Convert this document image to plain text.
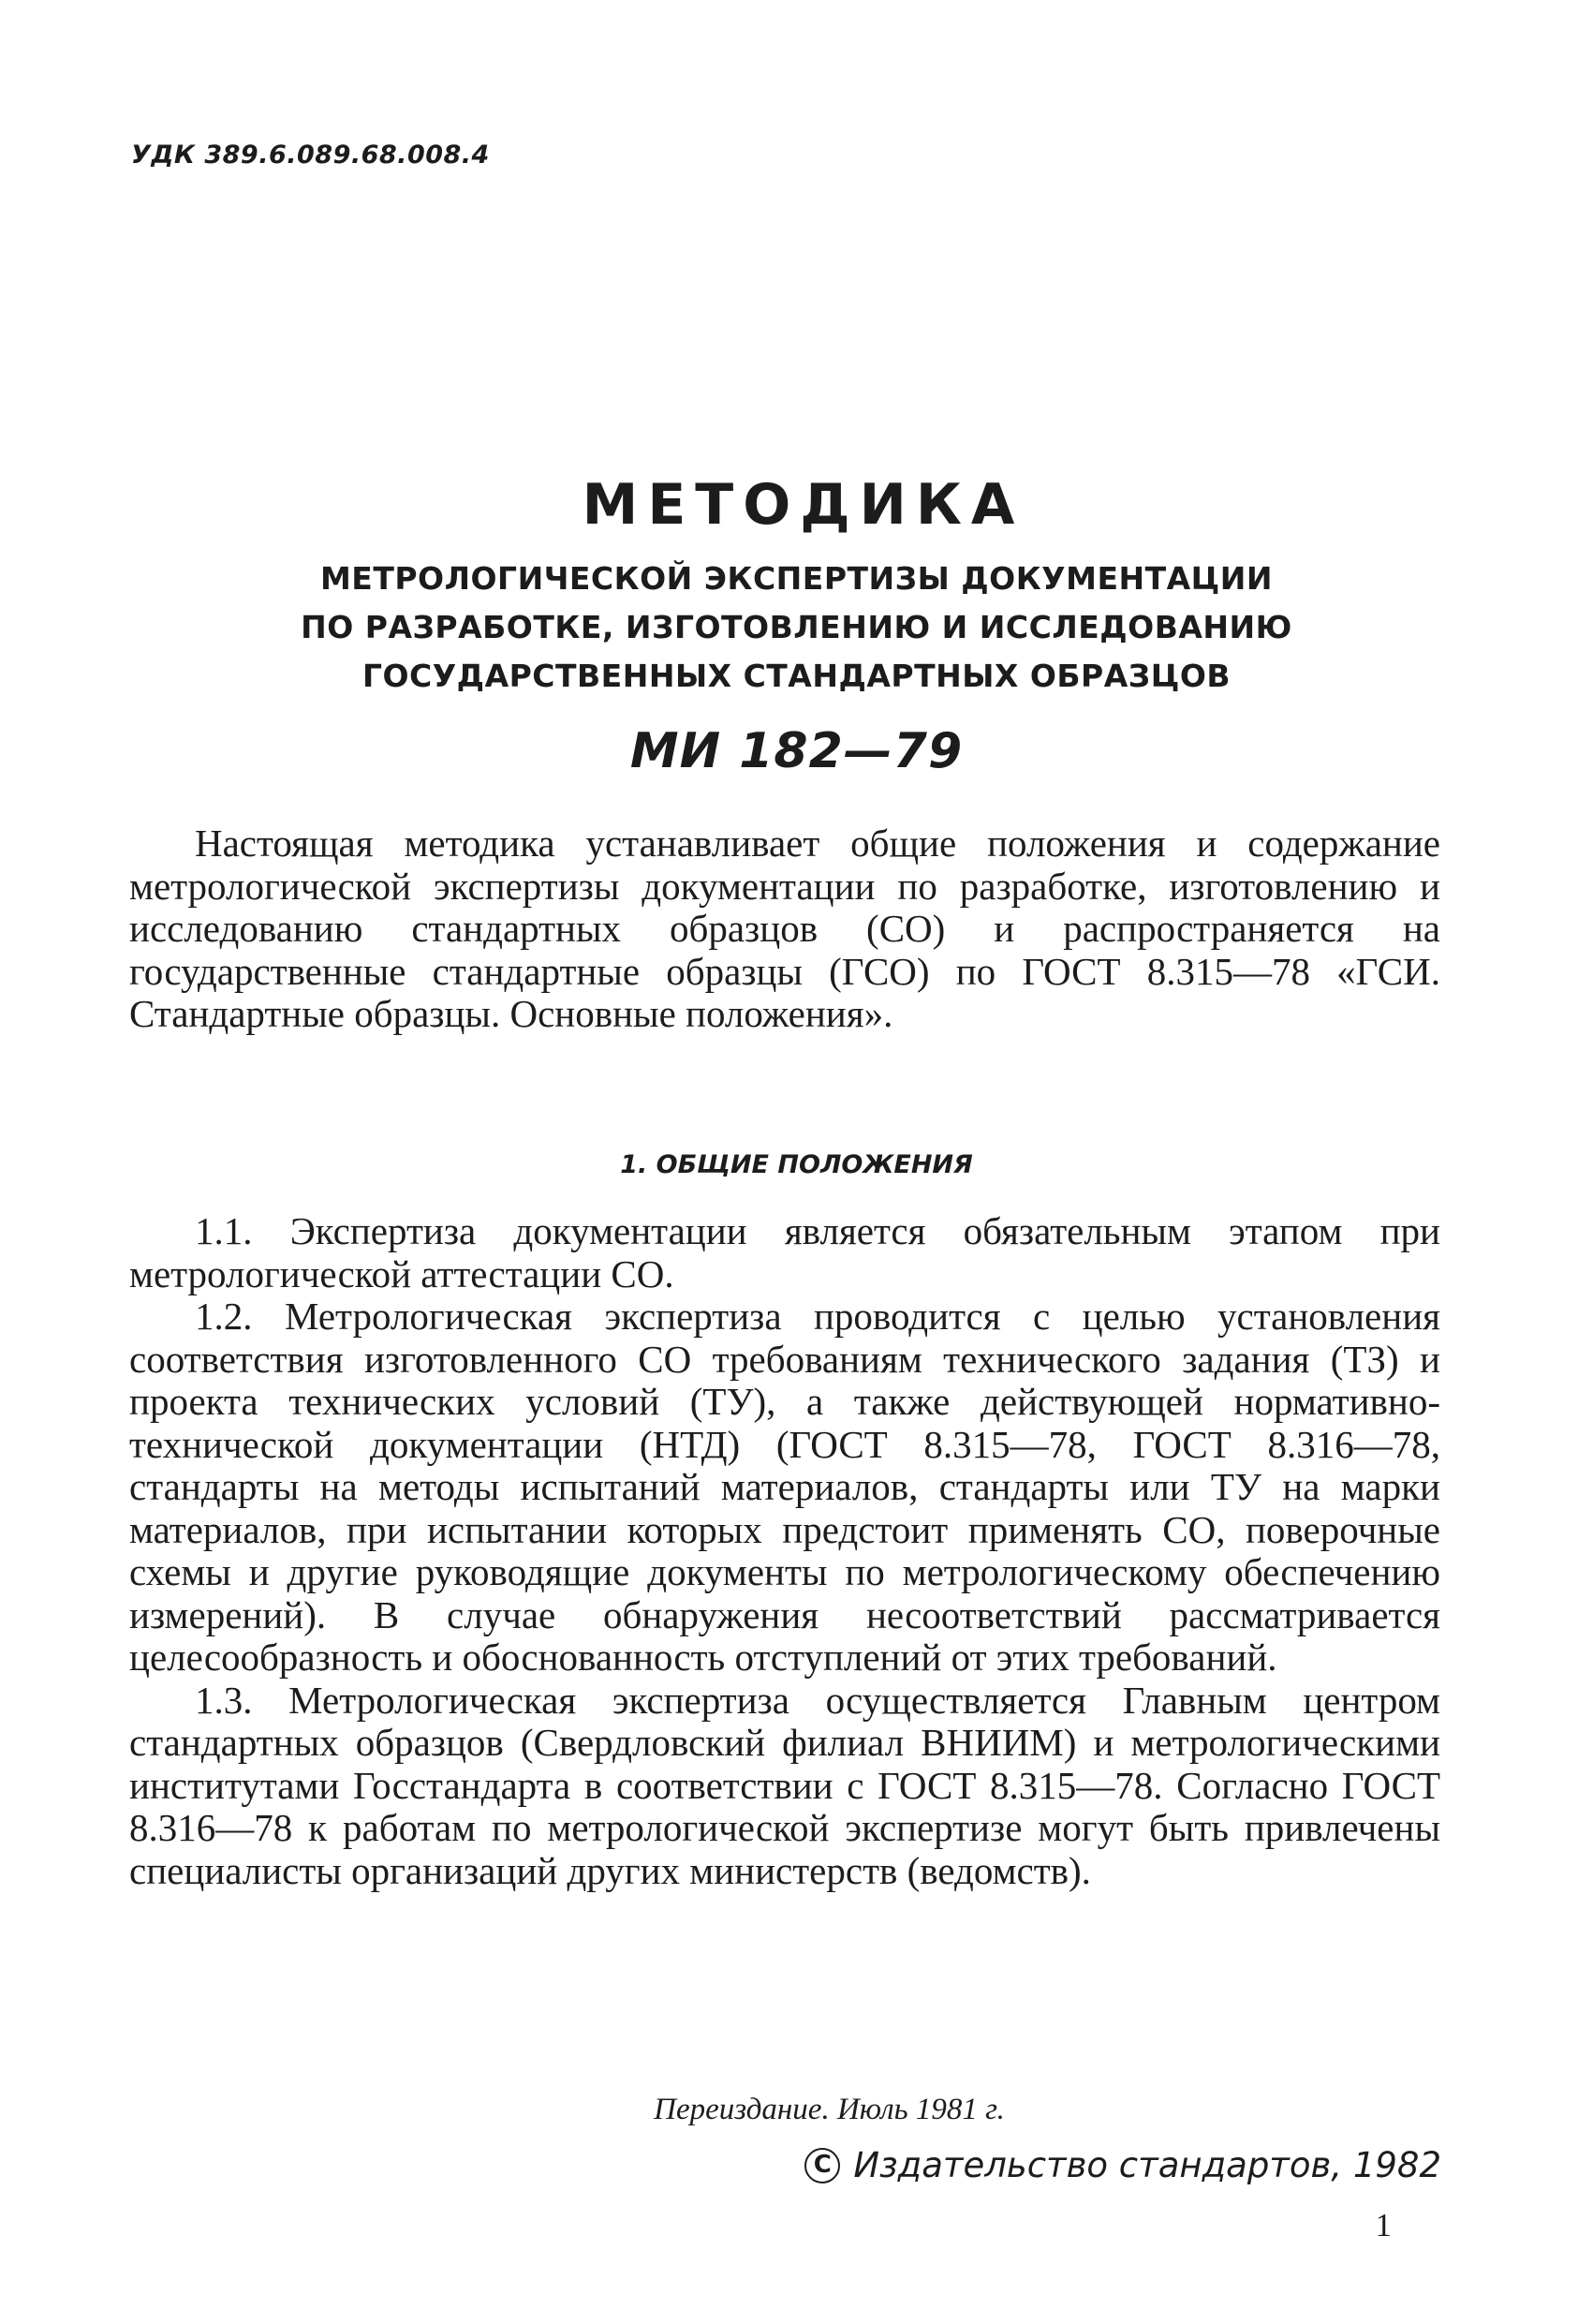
УДК 389.6.089.68.008.4
МЕТОДИКА
МЕТРОЛОГИЧЕСКОЙ ЭКСПЕРТИЗЫ ДОКУМЕНТАЦИИ
ПО РАЗРАБОТКЕ, ИЗГОТОВЛЕНИЮ И ИССЛЕДОВАНИЮ
ГОСУДАРСТВЕННЫХ СТАНДАРТНЫХ ОБРАЗЦОВ
МИ 182—79

Настоящая методика устанавливает общие положения и содержание метрологической экспертизы документации по разработке, изготовлению и исследованию стандартных образцов (СО) и распространяется на государственные стандартные образцы (ГСО) по ГОСТ 8.315—78 «ГСИ. Стандартные образцы. Основные положения».

1. ОБЩИЕ ПОЛОЖЕНИЯ

1.1. Экспертиза документации является обязательным этапом при метрологической аттестации СО.

1.2. Метрологическая экспертиза проводится с целью установления соответствия изготовленного СО требованиям технического задания (ТЗ) и проекта технических условий (ТУ), а также действующей нормативно-технической документации (НТД) (ГОСТ 8.315—78, ГОСТ 8.316—78, стандарты на методы испытаний материалов, стандарты или ТУ на марки материалов, при испытании которых предстоит применять СО, поверочные схемы и другие руководящие документы по метрологическому обеспечению измерений). В случае обнаружения несоответствий рассматривается целесообразность и обоснованность отступлений от этих требований.

1.3. Метрологическая экспертиза осуществляется Главным центром стандартных образцов (Свердловский филиал ВНИИМ) и метрологическими институтами Госстандарта в соответствии с ГОСТ 8.315—78. Согласно ГОСТ 8.316—78 к работам по метрологической экспертизе могут быть привлечены специалисты организаций других министерств (ведомств).

Переиздание. Июль 1981 г.
C Издательство стандартов, 1982
1
